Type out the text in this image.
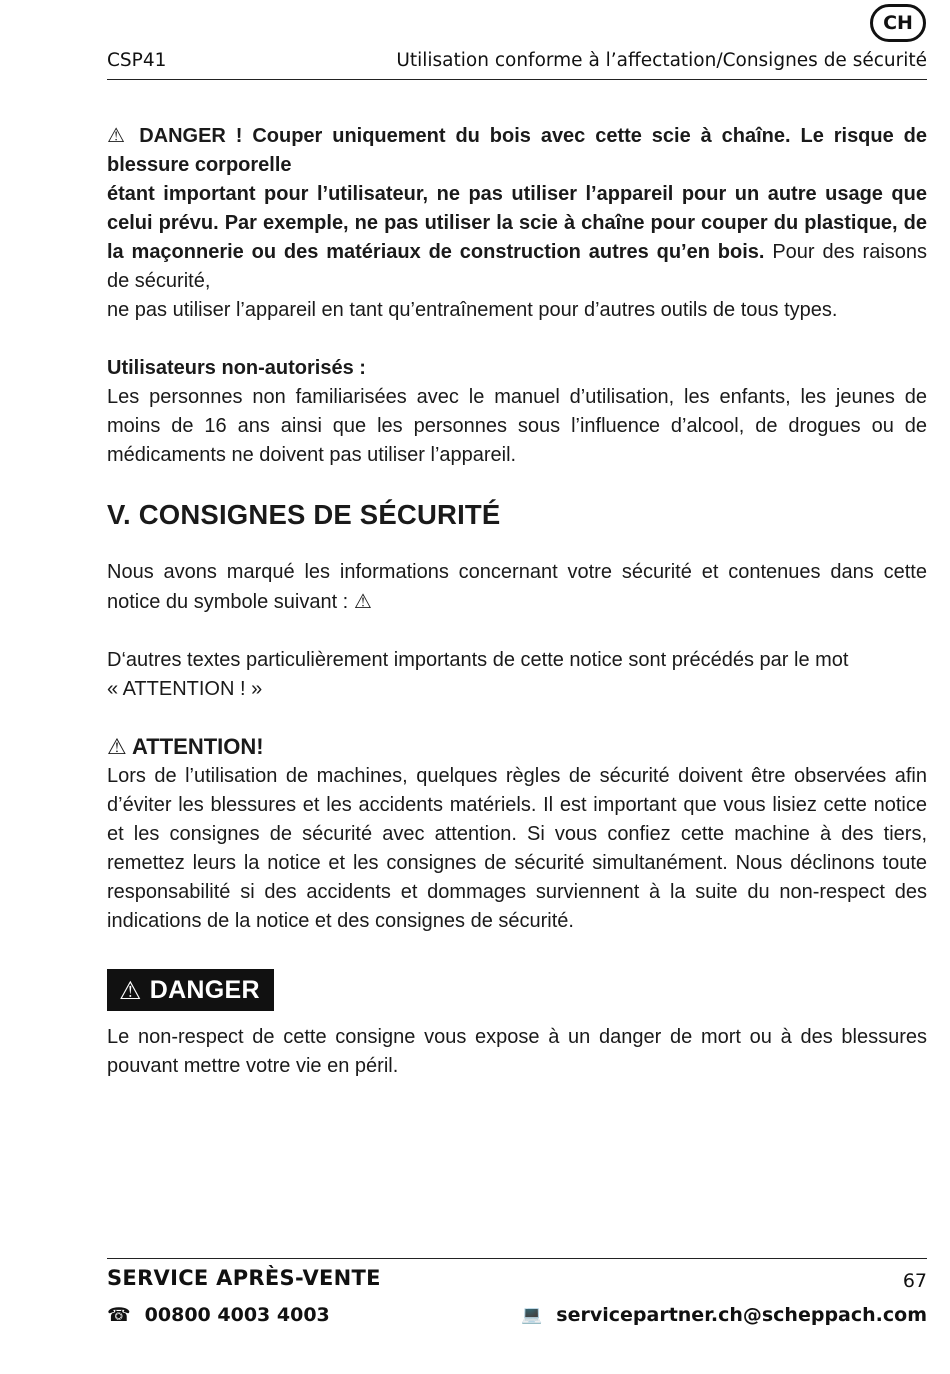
CH
CSP41	Utilisation conforme à l’affectation/Consignes de sécurité

⚠ DANGER ! Couper uniquement du bois avec cette scie à chaîne. Le risque de blessure corporelle
étant important pour l’utilisateur, ne pas utiliser l’appareil pour un autre usage que celui prévu. Par exemple, ne pas utiliser la scie à chaîne pour couper du plastique, de la maçonnerie ou des matériaux de construction autres qu’en bois. Pour des raisons de sécurité,
ne pas utiliser l’appareil en tant qu’entraînement pour d’autres outils de tous types.

Utilisateurs non-autorisés :

Les personnes non familiarisées avec le manuel d’utilisation, les enfants, les jeunes de moins de 16 ans ainsi que les personnes sous l’influence d’alcool, de drogues ou de médicaments ne doivent pas utiliser l’appareil.

V. CONSIGNES DE SÉCURITÉ

Nous avons marqué les informations concernant votre sécurité et contenues dans cette notice du symbole suivant : ⚠

D‘autres textes particulièrement importants de cette notice sont précédés par le mot
« ATTENTION ! »

⚠ ATTENTION!

Lors de l’utilisation de machines, quelques règles de sécurité doivent être observées afin d’éviter les blessures et les accidents matériels. Il est important que vous lisiez cette notice et les consignes de sécurité avec attention. Si vous confiez cette machine à des tiers, remettez leurs la notice et les consignes de sécurité simultanément. Nous déclinons toute responsabilité si des accidents et dommages surviennent à la suite du non-respect des indications de la notice et des consignes de sécurité.

⚠ DANGER

Le non-respect de cette consigne vous expose à un danger de mort ou à des blessures pouvant mettre votre vie en péril.

SERVICE APRÈS-VENTE	67
☎ 00800 4003 4003	💻 servicepartner.ch@scheppach.com
